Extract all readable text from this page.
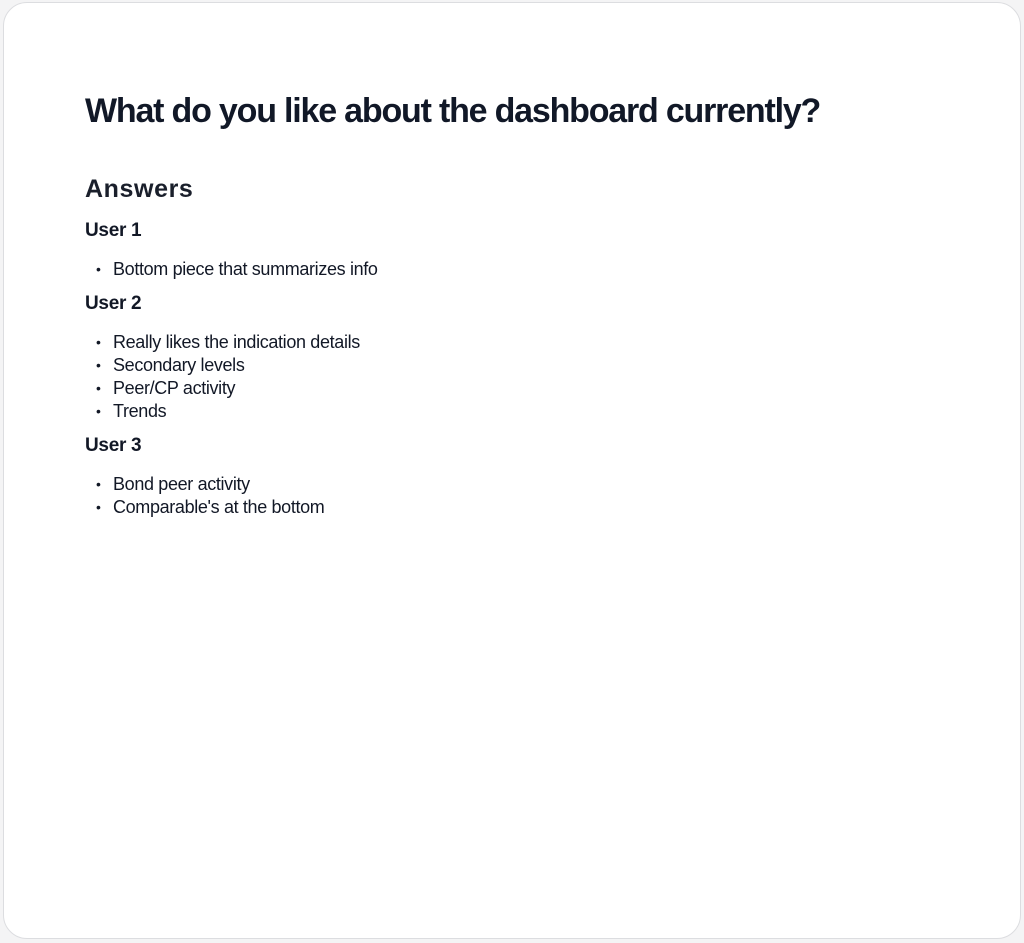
What do you like about the dashboard currently?
Answers
User 1
• Bottom piece that summarizes info
User 2
• Really likes the indication details
• Secondary levels
• Peer/CP activity
• Trends
User 3
• Bond peer activity
• Comparable's at the bottom
